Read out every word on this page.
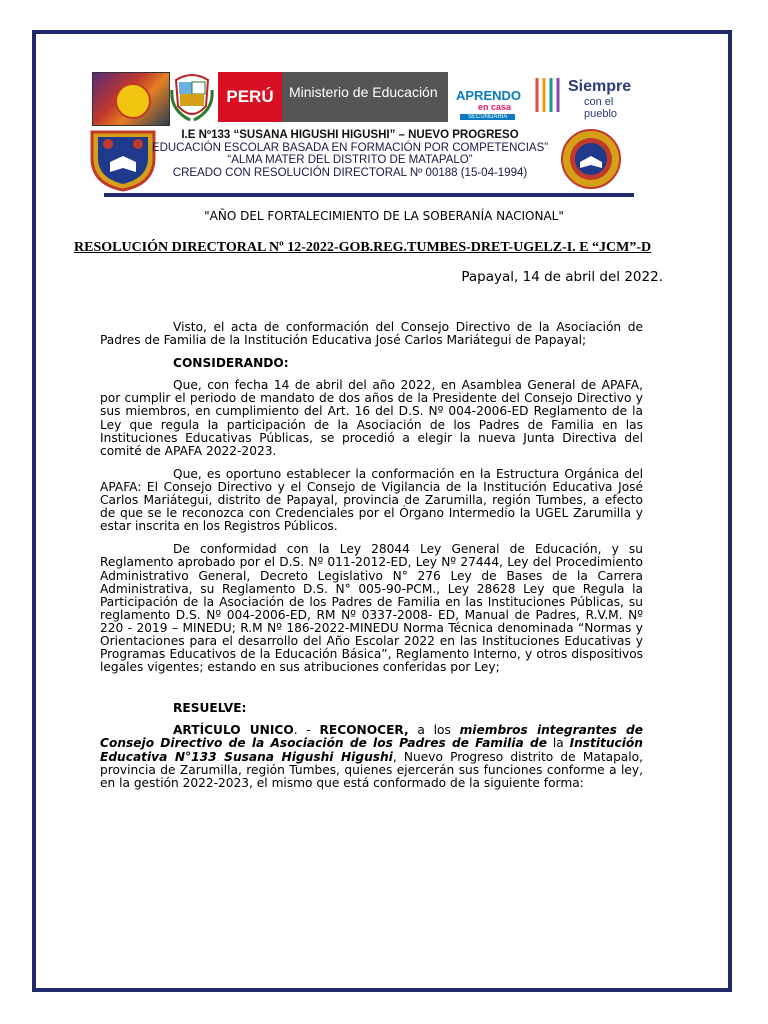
PERÚ	Ministerio de Educación	APRENDO
en casa
SECUNDARIA
Siempre
con el pueblo
I.E Nº133 “SUSANA HIGUSHI HIGUSHI” – NUEVO PROGRESO
EDUCACIÓN ESCOLAR BASADA EN FORMACIÓN POR COMPETENCIAS”
“ALMA MATER DEL DISTRITO DE MATAPALO”
CREADO CON RESOLUCIÓN DIRECTORAL Nº 00188 (15-04-1994)
"AÑO DEL FORTALECIMIENTO DE LA SOBERANÍA NACIONAL"
RESOLUCIÓN DIRECTORAL Nº 12-2022-GOB.REG.TUMBES-DRET-UGELZ-I. E “JCM”-D
Papayal, 14 de abril del 2022.

Visto, el acta de conformación del Consejo Directivo de la Asociación de Padres de Familia de la Institución Educativa José Carlos Mariátegui de Papayal;

CONSIDERANDO:

Que, con fecha 14 de abril del año 2022, en Asamblea General de APAFA, por cumplir el periodo de mandato de dos años de la Presidente del Consejo Directivo y sus miembros, en cumplimiento del Art. 16 del D.S. Nº 004-2006-ED Reglamento de la Ley que regula la participación de la Asociación de los Padres de Familia en las Instituciones Educativas Públicas, se procedió a elegir la nueva Junta Directiva del comité de APAFA 2022-2023.

Que, es oportuno establecer la conformación en la Estructura Orgánica del APAFA: El Consejo Directivo y el Consejo de Vigilancia de la Institución Educativa José Carlos Mariátegui, distrito de Papayal, provincia de Zarumilla, región Tumbes, a efecto de que se le reconozca con Credenciales por el Órgano Intermedio la UGEL Zarumilla y estar inscrita en los Registros Públicos.

De conformidad con la Ley 28044 Ley General de Educación, y su Reglamento aprobado por el D.S. Nº 011-2012-ED, Ley Nº 27444, Ley del Procedimiento Administrativo General, Decreto Legislativo N° 276 Ley de Bases de la Carrera Administrativa, su Reglamento D.S. N° 005-90-PCM., Ley 28628 Ley que Regula la Participación de la Asociación de los Padres de Familia en las Instituciones Públicas, su reglamento D.S. Nº 004-2006-ED, RM Nº 0337-2008- ED, Manual de Padres, R.V.M. Nº 220 - 2019 – MINEDU; R.M Nº 186-2022-MINEDU Norma Técnica denominada “Normas y Orientaciones para el desarrollo del Año Escolar 2022 en las Instituciones Educativas y Programas Educativos de la Educación Básica”, Reglamento Interno, y otros dispositivos legales vigentes; estando en sus atribuciones conferidas por Ley;

RESUELVE:

ARTÍCULO UNICO. - RECONOCER, a los miembros integrantes de Consejo Directivo de la Asociación de los Padres de Familia de la Institución Educativa N°133 Susana Higushi Higushi, Nuevo Progreso distrito de Matapalo, provincia de Zarumilla, región Tumbes, quienes ejercerán sus funciones conforme a ley, en la gestión 2022-2023, el mismo que está conformado de la siguiente forma:
